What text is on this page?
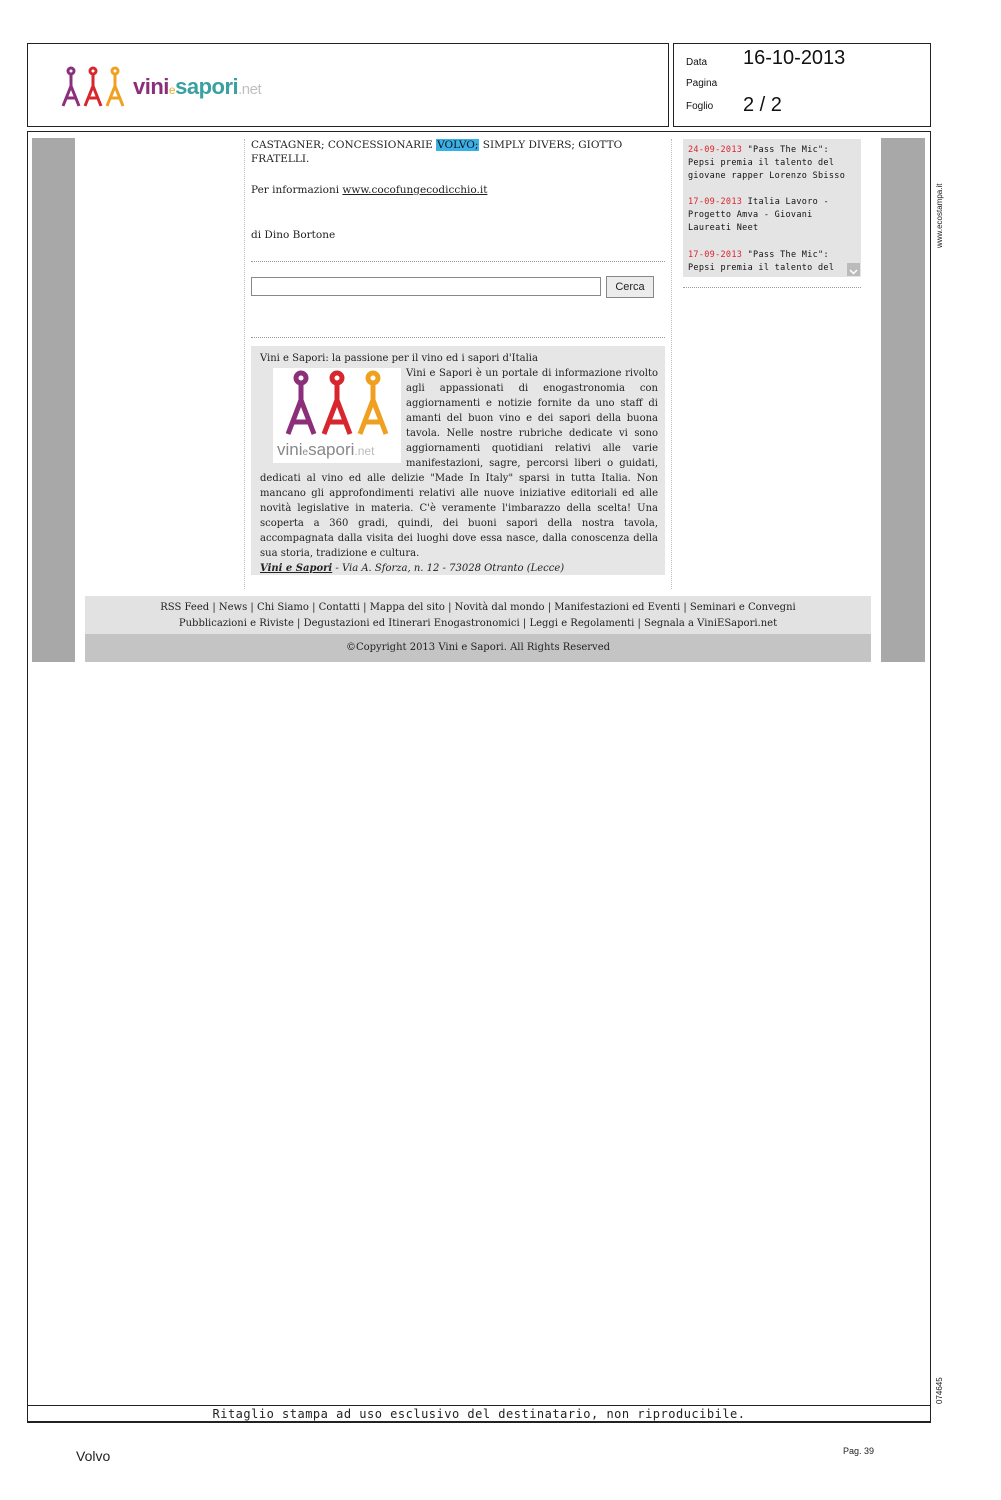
viniesapori.net
Data 16-10-2013
Pagina
Foglio 2 / 2
CASTAGNER; CONCESSIONARIE VOLVO; SIMPLY DIVERS; GIOTTO FRATELLI.
Per informazioni www.cocofungecodicchio.it
di Dino Bortone
Cerca
viniesapori.net
Vini e Sapori: la passione per il vino ed i sapori d'Italia
Vini e Sapori è un portale di informazione rivolto agli appassionati di enogastronomia con aggiornamenti e notizie fornite da uno staff di amanti del buon vino e dei sapori della buona tavola. Nelle nostre rubriche dedicate vi sono aggiornamenti quotidiani relativi alle varie manifestazioni, sagre, percorsi liberi o guidati, dedicati al vino ed alle delizie "Made In Italy" sparsi in tutta Italia. Non mancano gli approfondimenti relativi alle nuove iniziative editoriali ed alle novità legislative in materia. C'è veramente l'imbarazzo della scelta! Una scoperta a 360 gradi, quindi, dei buoni sapori della nostra tavola, accompagnata dalla visita dei luoghi dove essa nasce, dalla conoscenza della sua storia, tradizione e cultura.
Vini e Sapori - Via A. Sforza, n. 12 - 73028 Otranto (Lecce)
24-09-2013 "Pass The Mic": Pepsi premia il talento del giovane rapper Lorenzo Sbisso
17-09-2013 Italia Lavoro - Progetto Amva - Giovani Laureati Neet
17-09-2013 "Pass The Mic": Pepsi premia il talento del
RSS Feed | News | Chi Siamo | Contatti | Mappa del sito | Novità dal mondo | Manifestazioni ed Eventi | Seminari e Convegni
Pubblicazioni e Riviste | Degustazioni ed Itinerari Enogastronomici | Leggi e Regolamenti | Segnala a ViniESapori.net
©Copyright 2013 Vini e Sapori. All Rights Reserved
www.ecostampa.it
074645
Ritaglio stampa ad uso esclusivo del destinatario, non riproducibile.
Volvo	Pag. 39
